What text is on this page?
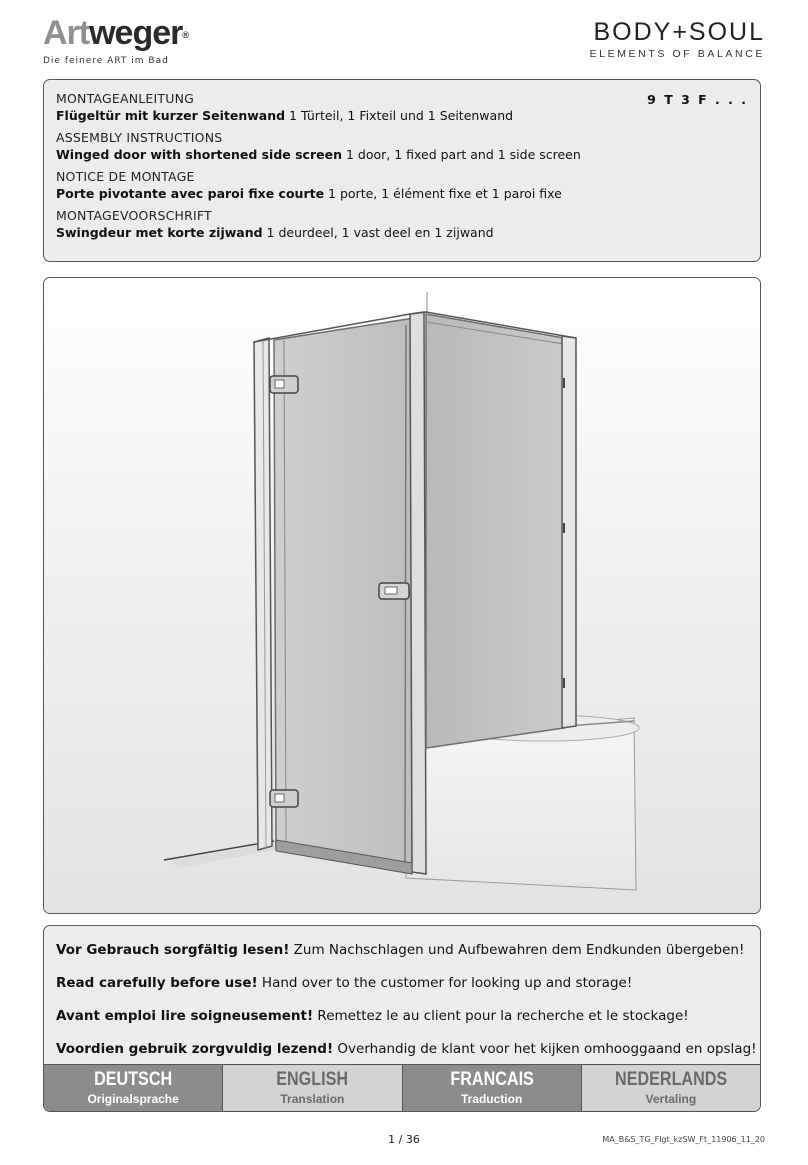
Artweger®
Die feinere ART im Bad
BODY+SOUL
ELEMENTS OF BALANCE
9 T 3 F . . .
MONTAGEANLEITUNG
Flügeltür mit kurzer Seitenwand 1 Türteil, 1 Fixteil und 1 Seitenwand
ASSEMBLY INSTRUCTIONS
Winged door with shortened side screen 1 door, 1 fixed part and 1 side screen
NOTICE DE MONTAGE
Porte pivotante avec paroi fixe courte 1 porte, 1 élément fixe et 1 paroi fixe
MONTAGEVOORSCHRIFT
Swingdeur met korte zijwand 1 deurdeel, 1 vast deel en 1 zijwand
Vor Gebrauch sorgfältig lesen! Zum Nachschlagen und Aufbewahren dem Endkunden übergeben!
Read carefully before use! Hand over to the customer for looking up and storage!
Avant emploi lire soigneusement! Remettez le au client pour la recherche et le stockage!
Voordien gebruik zorgvuldig lezend! Overhandig de klant voor het kijken omhooggaand en opslag!
DEUTSCH
Originalsprache
ENGLISH
Translation
FRANCAIS
Traduction
NEDERLANDS
Vertaling
1 / 36	MA_B&S_TG_Flgt_kzSW_Ft_11906_11_20
